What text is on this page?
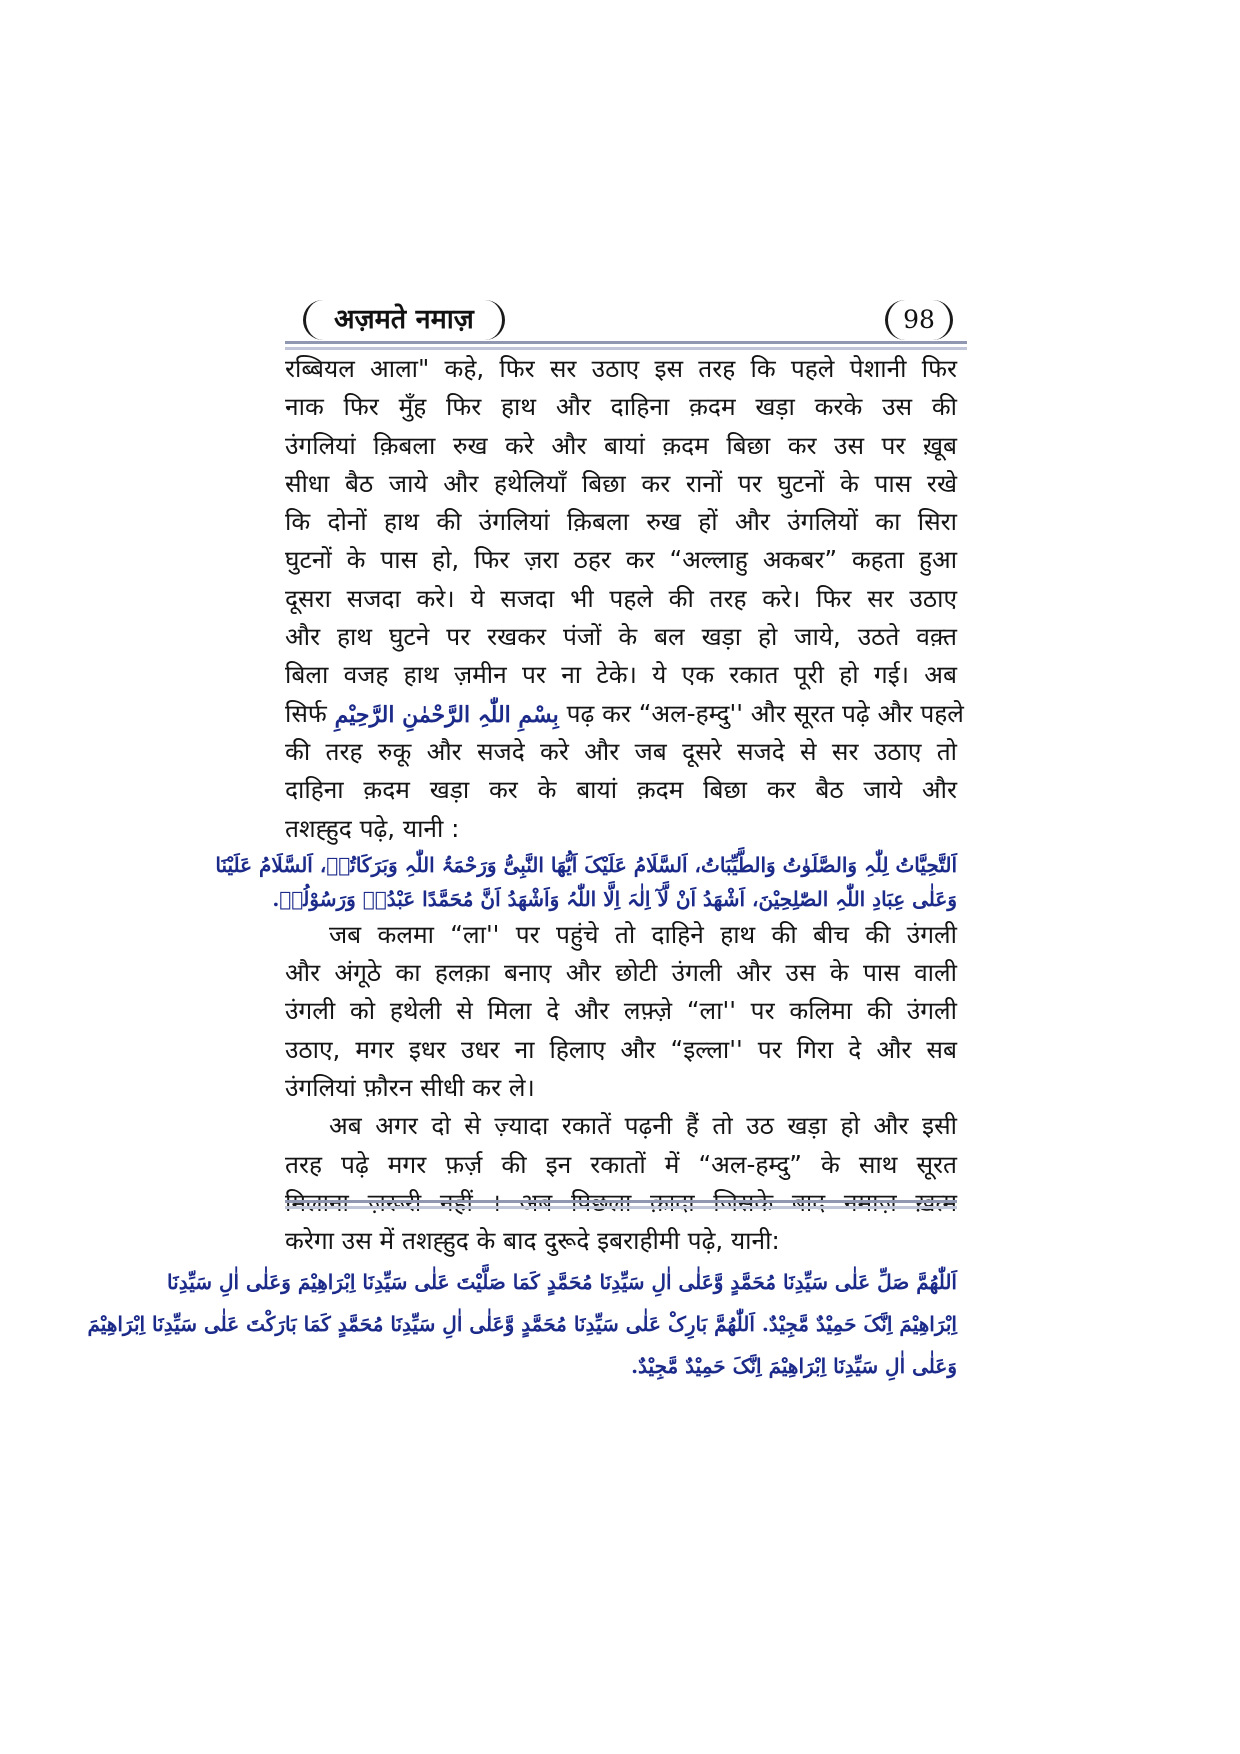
अज़मते नमाज़	98
रब्बियल आला" कहे, फिर सर उठाए इस तरह कि पहले पेशानी फिर
नाक फिर मुँह फिर हाथ और दाहिना क़दम खड़ा करके उस की
उंगलियां क़िबला रुख करे और बायां क़दम बिछा कर उस पर ख़ूब
सीधा बैठ जाये और हथेलियाँ बिछा कर रानों पर घुटनों के पास रखे
कि दोनों हाथ की उंगलियां क़िबला रुख हों और उंगलियों का सिरा
घुटनों के पास हो, फिर ज़रा ठहर कर “अल्लाहु अकबर” कहता हुआ
दूसरा सजदा करे। ये सजदा भी पहले की तरह करे। फिर सर उठाए
और हाथ घुटने पर रखकर पंजों के बल खड़ा हो जाये, उठते वक़्त
बिला वजह हाथ ज़मीन पर ना टेके। ये एक रकात पूरी हो गई। अब
सिर्फ بِسْمِ اللّٰہِ الرَّحْمٰنِ الرَّحِیْمِ पढ़ कर “अल-हम्दु'' और सूरत पढ़े और पहले
की तरह रुकू और सजदे करे और जब दूसरे सजदे से सर उठाए तो
दाहिना क़दम खड़ा कर के बायां क़दम बिछा कर बैठ जाये और
तशह्हुद पढ़े, यानी :
اَلتَّحِیَّاتُ لِلّٰہِ وَالصَّلَوٰتُ وَالطَّیِّبَاتُ، اَلسَّلَامُ عَلَیْکَ اَیُّھَا النَّبِیُّ وَرَحْمَۃُ اللّٰہِ وَبَرَکَاتُہٗ، اَلسَّلَامُ عَلَیْنَا
وَعَلٰی عِبَادِ اللّٰہِ الصّٰلِحِیْنَ، اَشْھَدُ اَنْ لَّآ اِلٰہَ اِلَّا اللّٰہُ وَاَشْھَدُ اَنَّ مُحَمَّدًا عَبْدُہٗ وَرَسُوْلُہٗ.
जब कलमा “ला'' पर पहुंचे तो दाहिने हाथ की बीच की उंगली
और अंगूठे का हलक़ा बनाए और छोटी उंगली और उस के पास वाली
उंगली को हथेली से मिला दे और लफ़्ज़े “ला'' पर कलिमा की उंगली
उठाए, मगर इधर उधर ना हिलाए और “इल्ला'' पर गिरा दे और सब
उंगलियां फ़ौरन सीधी कर ले।
अब अगर दो से ज़्यादा रकातें पढ़नी हैं तो उठ खड़ा हो और इसी
तरह पढ़े मगर फ़र्ज़ की इन रकातों में “अल-हम्दु” के साथ सूरत
करेगा उस में तशह्हुद के बाद दुरूदे इबराहीमी पढ़े, यानी:
اَللّٰھُمَّ صَلِّ عَلٰی سَیِّدِنَا مُحَمَّدٍ وَّعَلٰی اٰلِ سَیِّدِنَا مُحَمَّدٍ کَمَا صَلَّیْتَ عَلٰی سَیِّدِنَا اِبْرَاھِیْمَ وَعَلٰی اٰلِ سَیِّدِنَا
اِبْرَاھِیْمَ اِنَّکَ حَمِیْدٌ مَّجِیْدٌ. اَللّٰھُمَّ بَارِکْ عَلٰی سَیِّدِنَا مُحَمَّدٍ وَّعَلٰی اٰلِ سَیِّدِنَا مُحَمَّدٍ کَمَا بَارَکْتَ عَلٰی سَیِّدِنَا اِبْرَاھِیْمَ
وَعَلٰی اٰلِ سَیِّدِنَا اِبْرَاھِیْمَ اِنَّکَ حَمِیْدٌ مَّجِیْدٌ.
